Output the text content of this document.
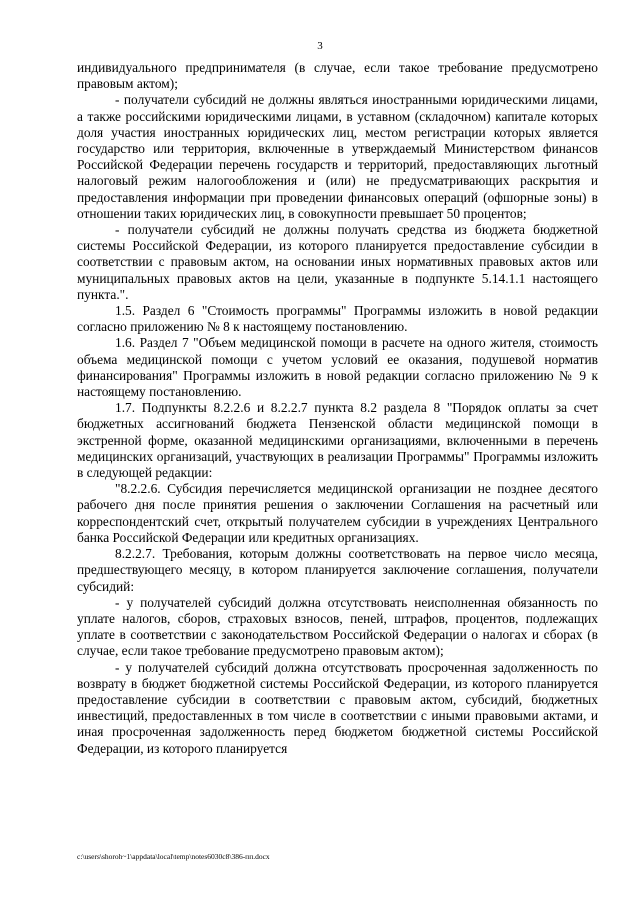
3

индивидуального предпринимателя (в случае, если такое требование предусмотрено правовым актом);

- получатели субсидий не должны являться иностранными юридическими лицами, а также российскими юридическими лицами, в уставном (складочном) капитале которых доля участия иностранных юридических лиц, местом регистрации которых является государство или территория, включенные в утверждаемый Министерством финансов Российской Федерации перечень государств и территорий, предоставляющих льготный налоговый режим налогообложения и (или) не предусматривающих раскрытия и предоставления информации при проведении финансовых операций (офшорные зоны) в отношении таких юридических лиц, в совокупности превышает 50 процентов;

- получатели субсидий не должны получать средства из бюджета бюджетной системы Российской Федерации, из которого планируется предоставление субсидии в соответствии с правовым актом, на основании иных нормативных правовых актов или муниципальных правовых актов на цели, указанные в подпункте 5.14.1.1 настоящего пункта.".

1.5. Раздел 6 "Стоимость программы" Программы изложить в новой редакции согласно приложению № 8 к настоящему постановлению.

1.6. Раздел 7 "Объем медицинской помощи в расчете на одного жителя, стоимость объема медицинской помощи с учетом условий ее оказания, подушевой норматив финансирования" Программы изложить в новой редакции согласно приложению № 9 к настоящему постановлению.

1.7. Подпункты 8.2.2.6 и 8.2.2.7 пункта 8.2 раздела 8 "Порядок оплаты за счет бюджетных ассигнований бюджета Пензенской области медицинской помощи в экстренной форме, оказанной медицинскими организациями, включенными в перечень медицинских организаций, участвующих в реализации Программы" Программы изложить в следующей редакции:

"8.2.2.6. Субсидия перечисляется медицинской организации не позднее десятого рабочего дня после принятия решения о заключении Соглашения на расчетный или корреспондентский счет, открытый получателем субсидии в учреждениях Центрального банка Российской Федерации или кредитных организациях.

8.2.2.7. Требования, которым должны соответствовать на первое число месяца, предшествующего месяцу, в котором планируется заключение соглашения, получатели субсидий:

- у получателей субсидий должна отсутствовать неисполненная обязанность по уплате налогов, сборов, страховых взносов, пеней, штрафов, процентов, подлежащих уплате в соответствии с законодательством Российской Федерации о налогах и сборах (в случае, если такое требование предусмотрено правовым актом);

- у получателей субсидий должна отсутствовать просроченная задолженность по возврату в бюджет бюджетной системы Российской Федерации, из которого планируется предоставление субсидии в соответствии с правовым актом, субсидий, бюджетных инвестиций, предоставленных в том числе в соответствии с иными правовыми актами, и иная просроченная задолженность перед бюджетом бюджетной системы Российской Федерации, из которого планируется

c:\users\shoroh~1\appdata\local\temp\notes6030c8\386-пп.docx
